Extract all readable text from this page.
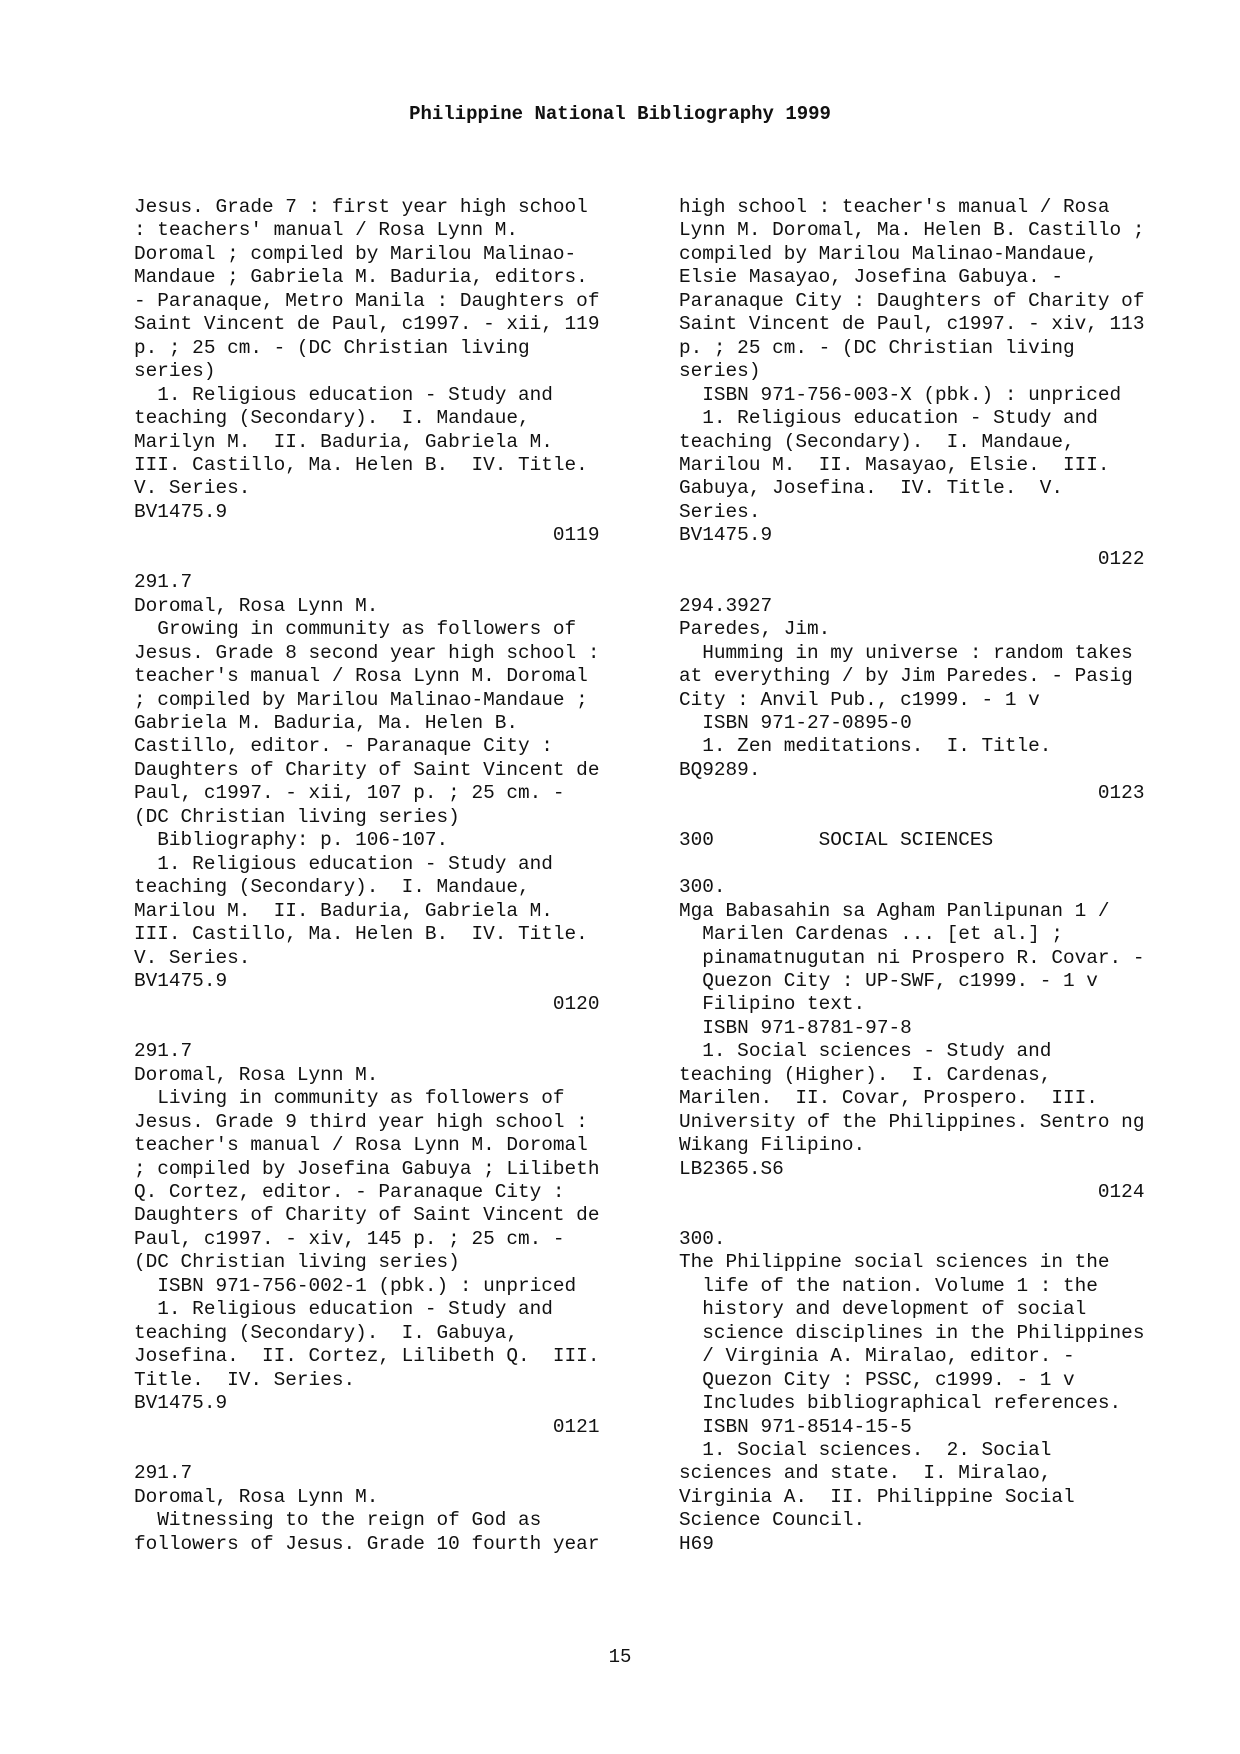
Philippine National Bibliography 1999
Jesus. Grade 7 : first year high school
: teachers' manual / Rosa Lynn M.
Doromal ; compiled by Marilou Malinao-
Mandaue ; Gabriela M. Baduria, editors.
- Paranaque, Metro Manila : Daughters of
Saint Vincent de Paul, c1997. - xii, 119
p. ; 25 cm. - (DC Christian living
series)
1. Religious education - Study and
teaching (Secondary).  I. Mandaue,
Marilyn M.  II. Baduria, Gabriela M.
III. Castillo, Ma. Helen B.  IV. Title.
V. Series.
BV1475.9
0119

291.7
Doromal, Rosa Lynn M.
Growing in community as followers of
Jesus. Grade 8 second year high school :
teacher's manual / Rosa Lynn M. Doromal
; compiled by Marilou Malinao-Mandaue ;
Gabriela M. Baduria, Ma. Helen B.
Castillo, editor. - Paranaque City :
Daughters of Charity of Saint Vincent de
Paul, c1997. - xii, 107 p. ; 25 cm. -
(DC Christian living series)
Bibliography: p. 106-107.
1. Religious education - Study and
teaching (Secondary).  I. Mandaue,
Marilou M.  II. Baduria, Gabriela M.
III. Castillo, Ma. Helen B.  IV. Title.
V. Series.
BV1475.9
0120

291.7
Doromal, Rosa Lynn M.
Living in community as followers of
Jesus. Grade 9 third year high school :
teacher's manual / Rosa Lynn M. Doromal
; compiled by Josefina Gabuya ; Lilibeth
Q. Cortez, editor. - Paranaque City :
Daughters of Charity of Saint Vincent de
Paul, c1997. - xiv, 145 p. ; 25 cm. -
(DC Christian living series)
ISBN 971-756-002-1 (pbk.) : unpriced
1. Religious education - Study and
teaching (Secondary).  I. Gabuya,
Josefina.  II. Cortez, Lilibeth Q.  III.
Title.  IV. Series.
BV1475.9
0121

291.7
Doromal, Rosa Lynn M.
Witnessing to the reign of God as
followers of Jesus. Grade 10 fourth year

high school : teacher's manual / Rosa
Lynn M. Doromal, Ma. Helen B. Castillo ;
compiled by Marilou Malinao-Mandaue,
Elsie Masayao, Josefina Gabuya. -
Paranaque City : Daughters of Charity of
Saint Vincent de Paul, c1997. - xiv, 113
p. ; 25 cm. - (DC Christian living
series)
ISBN 971-756-003-X (pbk.) : unpriced
1. Religious education - Study and
teaching (Secondary).  I. Mandaue,
Marilou M.  II. Masayao, Elsie.  III.
Gabuya, Josefina.  IV. Title.  V.
Series.
BV1475.9
0122

294.3927
Paredes, Jim.
Humming in my universe : random takes
at everything / by Jim Paredes. - Pasig
City : Anvil Pub., c1999. - 1 v
ISBN 971-27-0895-0
1. Zen meditations.  I. Title.
BQ9289.
0123

300         SOCIAL SCIENCES

300.
Mga Babasahin sa Agham Panlipunan 1 /
Marilen Cardenas ... [et al.] ;
pinamatnugutan ni Prospero R. Covar. -
Quezon City : UP-SWF, c1999. - 1 v
Filipino text.
ISBN 971-8781-97-8
1. Social sciences - Study and
teaching (Higher).  I. Cardenas,
Marilen.  II. Covar, Prospero.  III.
University of the Philippines. Sentro ng
Wikang Filipino.
LB2365.S6
0124

300.
The Philippine social sciences in the
life of the nation. Volume 1 : the
history and development of social
science disciplines in the Philippines
/ Virginia A. Miralao, editor. -
Quezon City : PSSC, c1999. - 1 v
Includes bibliographical references.
ISBN 971-8514-15-5
1. Social sciences.  2. Social
sciences and state.  I. Miralao,
Virginia A.  II. Philippine Social
Science Council.
H69

15
